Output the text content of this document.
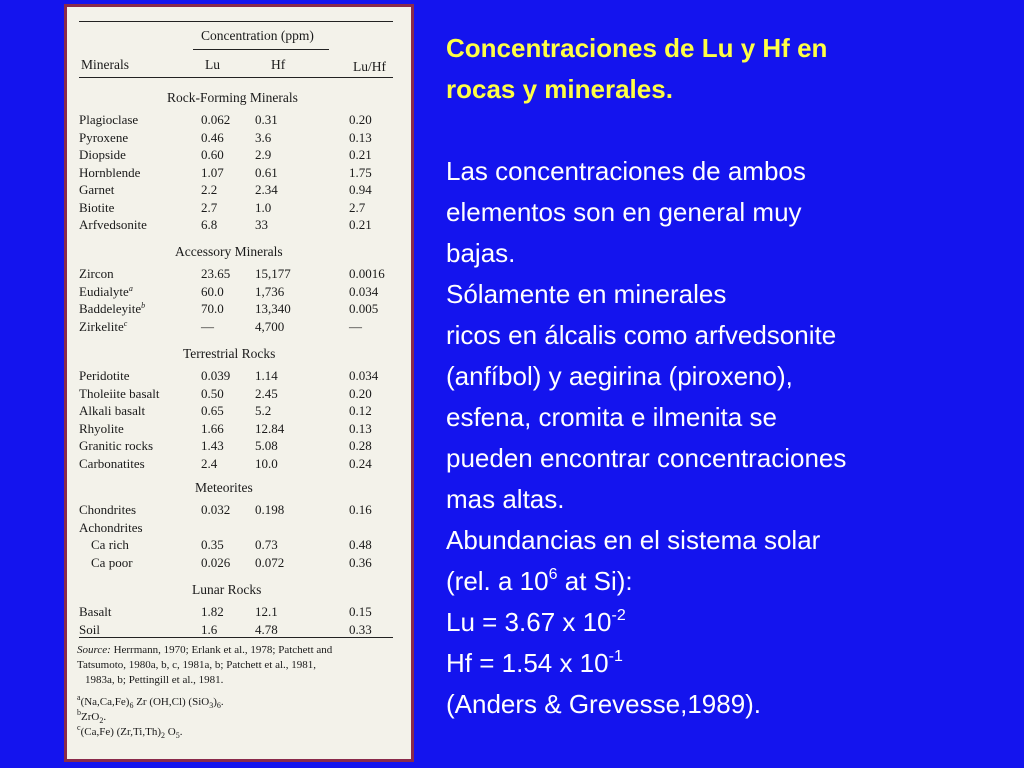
Concentration (ppm)
Minerals	Lu	Hf	Lu/Hf
Rock-Forming Minerals
Plagioclase	0.062 0.31	0.20
Pyroxene	0.46 3.6	0.13
Diopside	0.60 2.9	0.21
Hornblende	1.07 0.61	1.75
Garnet	2.2	2.34	0.94
Biotite	2.7	1.0	2.7
Arfvedsonite	6.8	33	0.21
Accessory Minerals
Zircon	23.65 15,177	0.0016
Eudialyte$^a$	60.0 1,736	0.034
Baddeleyite$^b$	70.0 13,340	0.005
Zirkelite$^c$	—	4,700	—
Terrestrial Rocks
Peridotite	0.039 1.14	0.034
Tholeiite basalt	0.50 2.45	0.20
Alkali basalt	0.65 5.2	0.12
Rhyolite	1.66 12.84	0.13
Granitic rocks	1.43 5.08	0.28
Carbonatites	2.4	10.0	0.24
Meteorites
Chondrites	0.032 0.198	0.16
Achondrites
Ca rich	0.35 0.73	0.48
Ca poor	0.026 0.072	0.36
Lunar Rocks
Basalt	1.82 12.1	0.15
Soil	1.6	4.78	0.33
Source: Herrmann, 1970; Erlank et al., 1978; Patchett and
Tatsumoto, 1980a, b, c, 1981a, b; Patchett et al., 1981,
1983a, b; Pettingill et al., 1981.
$^a(Na,Ca,Fe)_6$ Zr (OH,Cl) $(SiO_3)_6$.
$^b$ZrO$_2$.
$^c$(Ca,Fe) $(Zr,Ti,Th)_2$ $O_5$.
Concentraciones de Lu y Hf en
rocas y minerales.
Las concentraciones de ambos
elementos son en general muy
bajas.
Sólamente en minerales
ricos en álcalis como arfvedsonite
(anfíbol) y aegirina (piroxeno),
esfena, cromita e ilmenita se
pueden encontrar concentraciones
mas altas.
Abundancias en el sistema solar
(rel. a $10^6$ at Si):
Lu = 3.67 x $10^{-2}$
Hf = 1.54 x $10^{-1}$
(Anders & Grevesse,1989).
